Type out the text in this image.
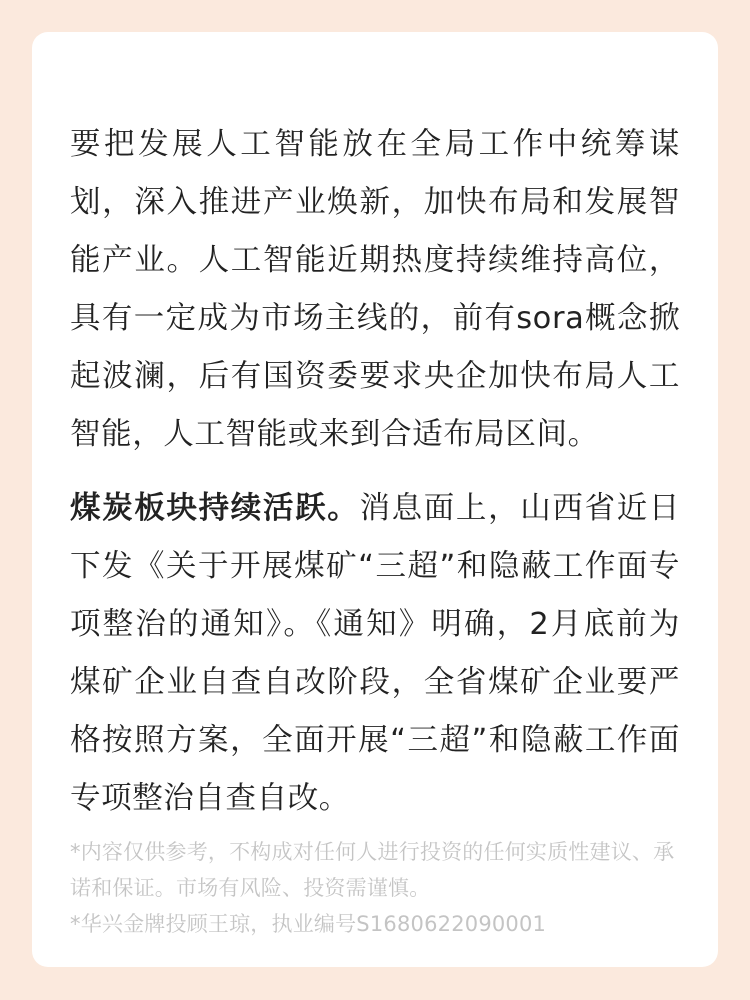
要把发展人工智能放在全局工作中统筹谋划，深入推进产业焕新，加快布局和发展智能产业。人工智能近期热度持续维持高位，具有一定成为市场主线的，前有sora概念掀起波澜，后有国资委要求央企加快布局人工智能，人工智能或来到合适布局区间。

煤炭板块持续活跃。消息面上，山西省近日下发《关于开展煤矿“三超”和隐蔽工作面专项整治的通知》。《通知》明确，2月底前为煤矿企业自查自改阶段，全省煤矿企业要严格按照方案，全面开展“三超”和隐蔽工作面专项整治自查自改。

*内容仅供参考，不构成对任何人进行投资的任何实质性建议、承诺和保证。市场有风险、投资需谨慎。

*华兴金牌投顾王琼，执业编号S1680622090001
